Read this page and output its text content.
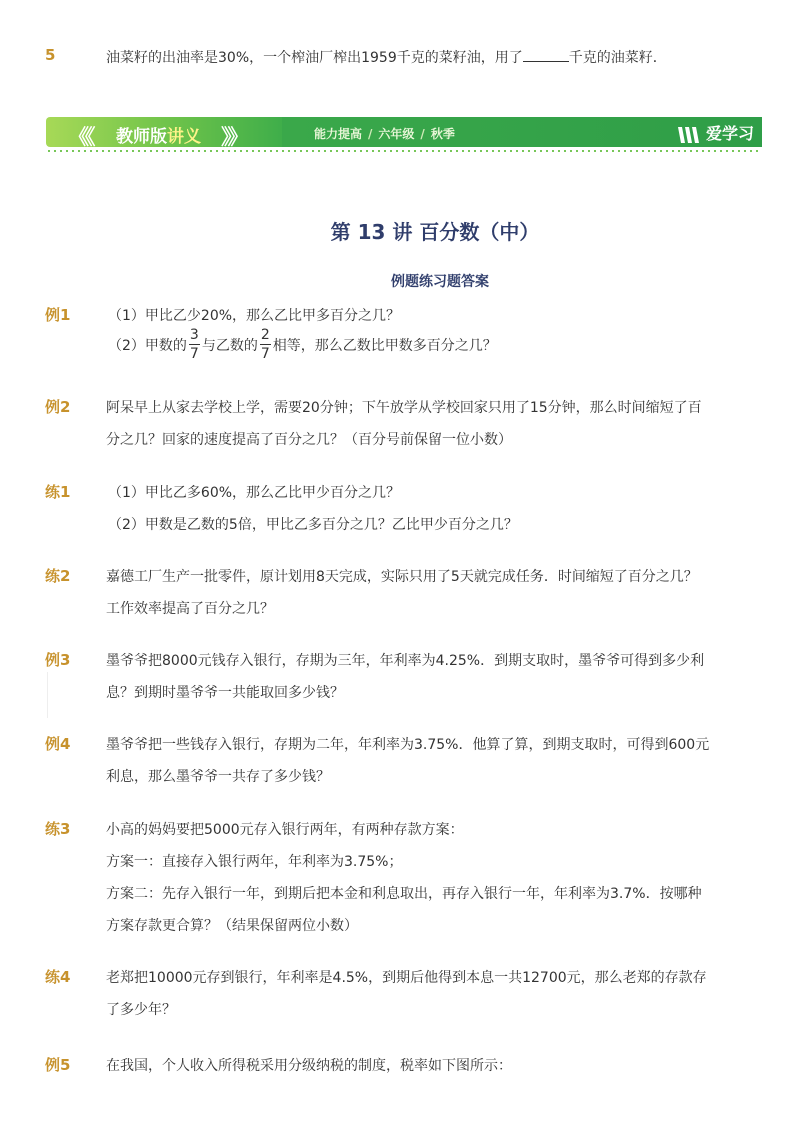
5	油菜籽的出油率是30%，一个榨油厂榨出1959千克的菜籽油，用了	千克的油菜籽．
《《 教师版讲义 》》	能力提高 / 六年级 / 秋季	爱学习
第 13 讲 百分数（中）
例题练习题答案
例1	（1）甲比乙少20%，那么乙比甲多百分之几？
（2）甲数的 $\frac{3}{7}$ 与乙数的 $\frac{2}{7}$ 相等，那么乙数比甲数多百分之几？
例2	阿呆早上从家去学校上学，需要20分钟；下午放学从学校回家只用了15分钟，那么时间缩短了百
分之几？回家的速度提高了百分之几？（百分号前保留一位小数）
练1	（1）甲比乙多60%，那么乙比甲少百分之几？
（2）甲数是乙数的5倍，甲比乙多百分之几？乙比甲少百分之几？
练2	嘉德工厂生产一批零件，原计划用8天完成，实际只用了5天就完成任务．时间缩短了百分之几？
工作效率提高了百分之几？
例3	墨爷爷把8000元钱存入银行，存期为三年，年利率为4.25%．到期支取时，墨爷爷可得到多少利
息？到期时墨爷爷一共能取回多少钱？
例4	墨爷爷把一些钱存入银行，存期为二年，年利率为3.75%．他算了算，到期支取时，可得到600元
利息，那么墨爷爷一共存了多少钱？
练3	小高的妈妈要把5000元存入银行两年，有两种存款方案：
方案一：直接存入银行两年，年利率为3.75%；
方案二：先存入银行一年，到期后把本金和利息取出，再存入银行一年，年利率为3.7%．按哪种
方案存款更合算？（结果保留两位小数）
练4	老郑把10000元存到银行，年利率是4.5%，到期后他得到本息一共12700元，那么老郑的存款存
了多少年？
例5	在我国，个人收入所得税采用分级纳税的制度，税率如下图所示：
